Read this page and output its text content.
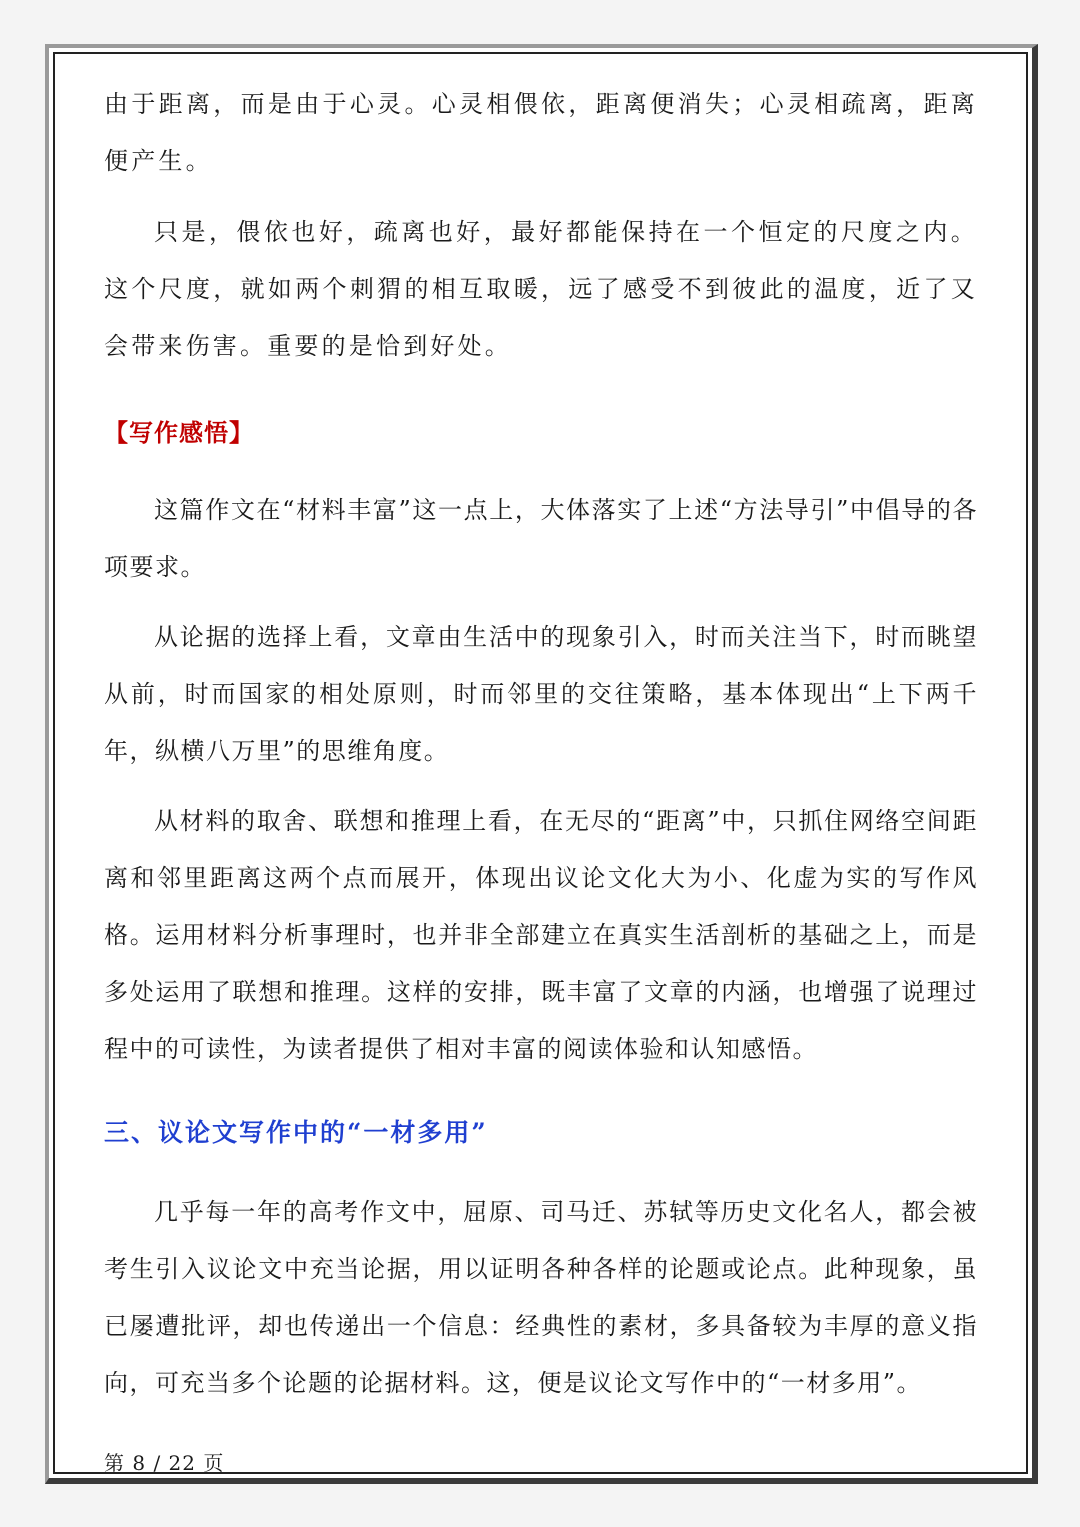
由于距离，而是由于心灵。心灵相偎依，距离便消失；心灵相疏离，距离便产生。

只是，偎依也好，疏离也好，最好都能保持在一个恒定的尺度之内。这个尺度，就如两个刺猬的相互取暖，远了感受不到彼此的温度，近了又会带来伤害。重要的是恰到好处。

【写作感悟】

这篇作文在“材料丰富”这一点上，大体落实了上述“方法导引”中倡导的各项要求。

从论据的选择上看，文章由生活中的现象引入，时而关注当下，时而眺望从前，时而国家的相处原则，时而邻里的交往策略，基本体现出“上下两千年，纵横八万里”的思维角度。

从材料的取舍、联想和推理上看，在无尽的“距离”中，只抓住网络空间距离和邻里距离这两个点而展开，体现出议论文化大为小、化虚为实的写作风格。运用材料分析事理时，也并非全部建立在真实生活剖析的基础之上，而是多处运用了联想和推理。这样的安排，既丰富了文章的内涵，也增强了说理过程中的可读性，为读者提供了相对丰富的阅读体验和认知感悟。

三、议论文写作中的“一材多用”

几乎每一年的高考作文中，屈原、司马迁、苏轼等历史文化名人，都会被考生引入议论文中充当论据，用以证明各种各样的论题或论点。此种现象，虽已屡遭批评，却也传递出一个信息：经典性的素材，多具备较为丰厚的意义指向，可充当多个论题的论据材料。这，便是议论文写作中的“一材多用”。

第 8 / 22 页
